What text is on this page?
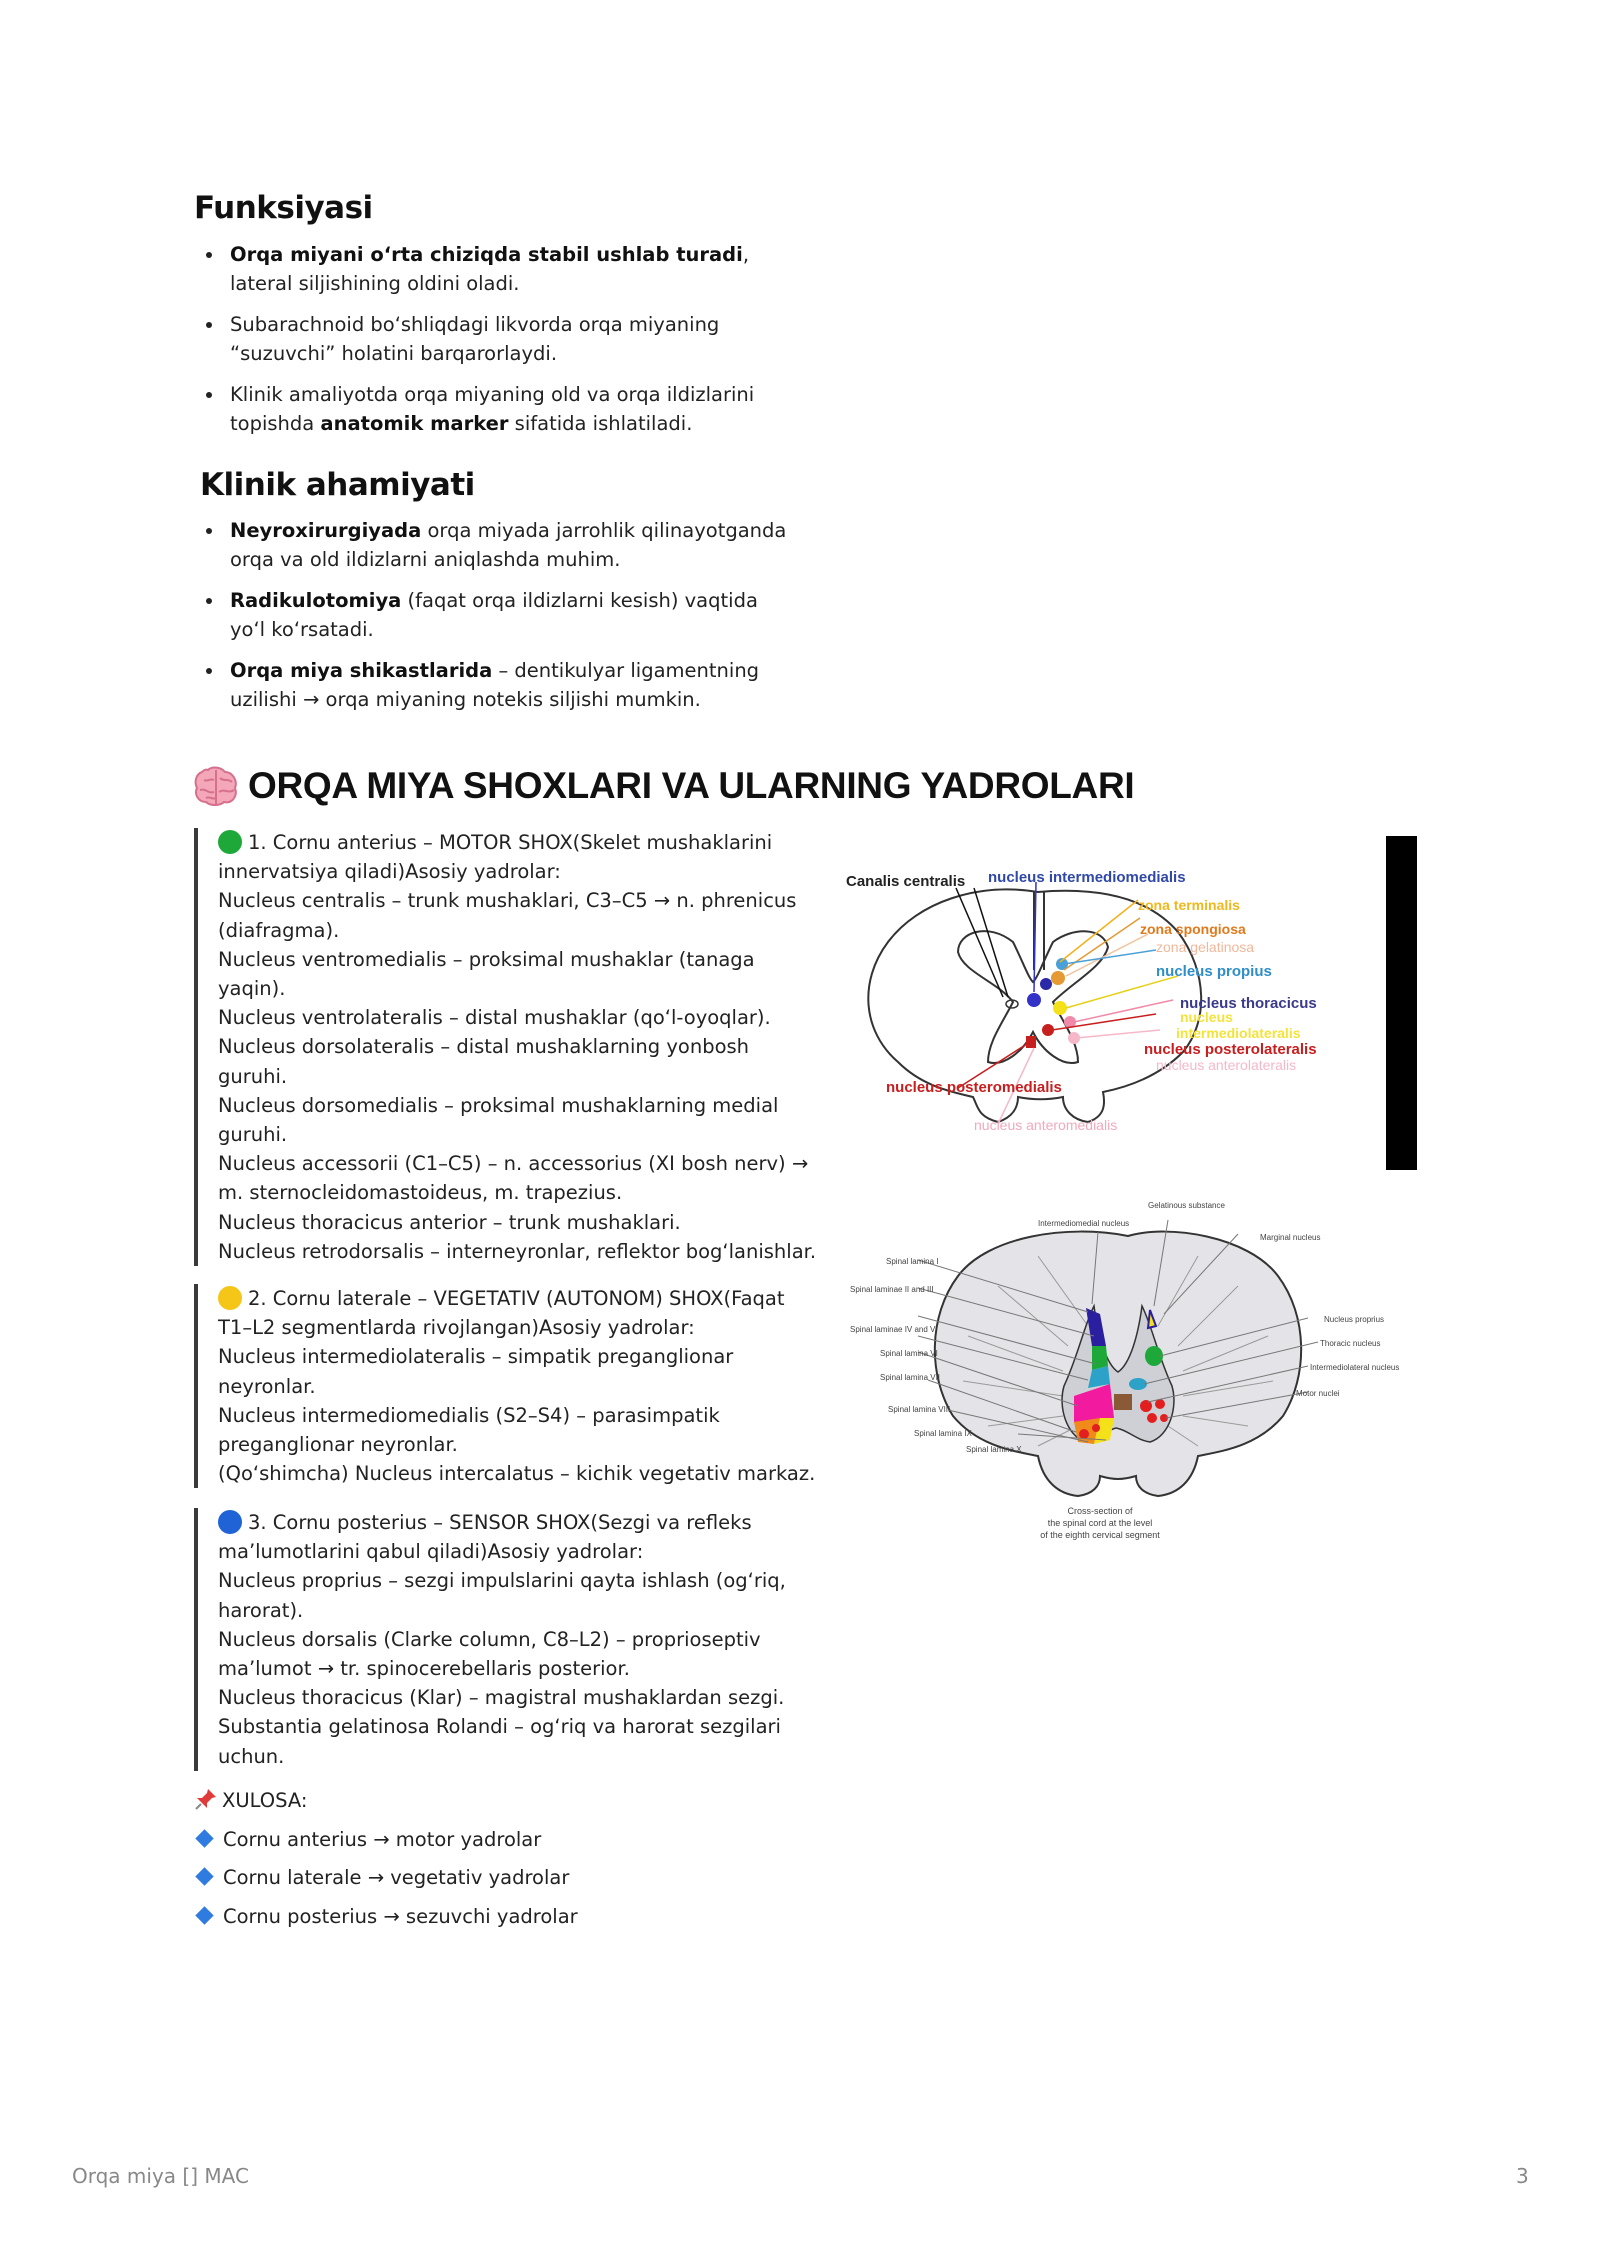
Funksiyasi
Orqa miyani o‘rta chiziqda stabil ushlab turadi, lateral siljishining oldini oladi.
Subarachnoid bo‘shliqdagi likvorda orqa miyaning “suzuvchi” holatini barqarorlaydi.
Klinik amaliyotda orqa miyaning old va orqa ildizlarini topishda anatomik marker sifatida ishlatiladi.
Klinik ahamiyati
Neyroxirurgiyada orqa miyada jarrohlik qilinayotganda orqa va old ildizlarni aniqlashda muhim.
Radikulotomiya (faqat orqa ildizlarni kesish) vaqtida yo‘l ko‘rsatadi.
Orqa miya shikastlarida – dentikulyar ligamentning uzilishi → orqa miyaning notekis siljishi mumkin.
ORQA MIYA SHOXLARI VA ULARNING YADROLARI
1. Cornu anterius – MOTOR SHOX(Skelet mushaklarini
innervatsiya qiladi)Asosiy yadrolar:
Nucleus centralis – trunk mushaklari, C3–C5 → n. phrenicus
(diafragma).
Nucleus ventromedialis – proksimal mushaklar (tanaga yaqin).
Nucleus ventrolateralis – distal mushaklar (qo‘l-oyoqlar).
Nucleus dorsolateralis – distal mushaklarning yonbosh
guruhi.
Nucleus dorsomedialis – proksimal mushaklarning medial
guruhi.
Nucleus accessorii (C1–C5) – n. accessorius (XI bosh nerv) →
m. sternocleidomastoideus, m. trapezius.
Nucleus thoracicus anterior – trunk mushaklari.
Nucleus retrodorsalis – interneyronlar, reflektor bog‘lanishlar.
2. Cornu laterale – VEGETATIV (AUTONOM) SHOX(Faqat
T1–L2 segmentlarda rivojlangan)Asosiy yadrolar:
Nucleus intermediolateralis – simpatik preganglionar
neyronlar.
Nucleus intermediomedialis (S2–S4) – parasimpatik
preganglionar neyronlar.
(Qo‘shimcha) Nucleus intercalatus – kichik vegetativ markaz.
3. Cornu posterius – SENSOR SHOX(Sezgi va refleks
ma’lumotlarini qabul qiladi)Asosiy yadrolar:
Nucleus proprius – sezgi impulslarini qayta ishlash (og‘riq,
harorat).
Nucleus dorsalis (Clarke column, C8–L2) – proprioseptiv
ma’lumot → tr. spinocerebellaris posterior.
Nucleus thoracicus (Klar) – magistral mushaklardan sezgi.
Substantia gelatinosa Rolandi – og‘riq va harorat sezgilari
uchun.
XULOSA:
Cornu anterius → motor yadrolar
Cornu laterale → vegetativ yadrolar
Cornu posterius → sezuvchi yadrolar
Canalis centralis nucleus intermediomedialis
zona terminalis
zona spongiosa
zona gelatinosa
nucleus propius
nucleus thoracicus
nucleus
intermediolateralis
nucleus posterolateralis
nucleus anterolateralis
nucleus posteromedialis
nucleus anteromedialis
Gelatinous substance
Intermediomedial nucleus
Marginal nucleus
Spinal lamina I
Spinal laminae II and III
Spinal laminae IV and V
Spinal lamina VI
Spinal lamina VII
Spinal lamina VIII
Spinal lamina IX
Spinal lamina X
Nucleus proprius
Thoracic nucleus
Intermediolateral nucleus
Motor nuclei
Cross-section of
the spinal cord at the level
of the eighth cervical segment
Orqa miya [] MAC	3
